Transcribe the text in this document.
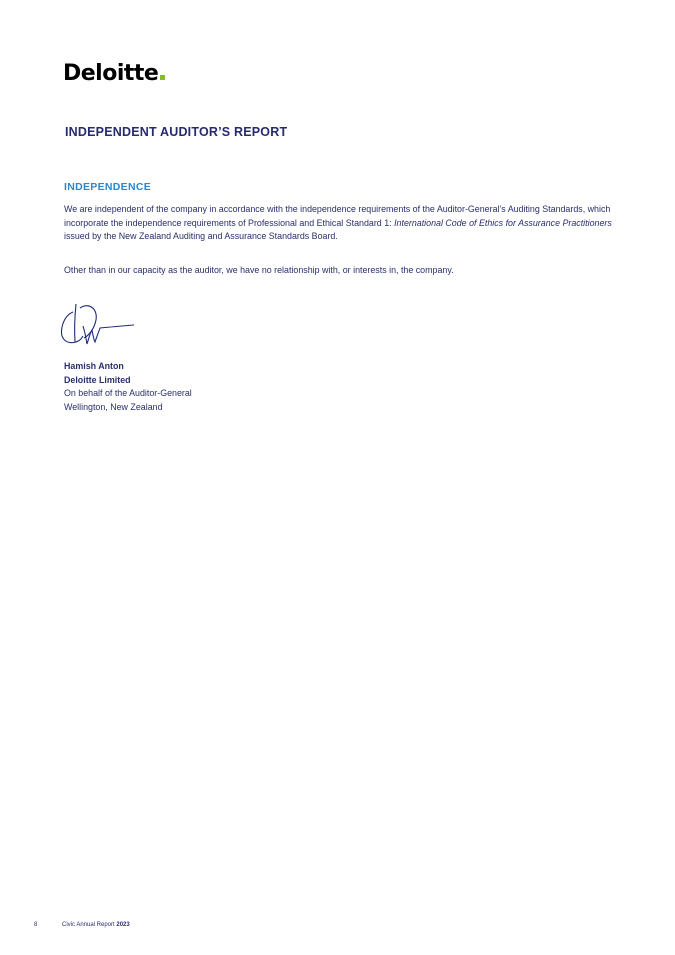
Deloitte
INDEPENDENT AUDITOR’S REPORT
INDEPENDENCE

We are independent of the company in accordance with the independence requirements of the Auditor-General’s Auditing Standards, which incorporate the independence requirements of Professional and Ethical Standard 1: International Code of Ethics for Assurance Practitioners issued by the New Zealand Auditing and Assurance Standards Board.

Other than in our capacity as the auditor, we have no relationship with, or interests in, the company.

Hamish Anton
Deloitte Limited
On behalf of the Auditor-General
Wellington, New Zealand
8	Civic Annual Report 2023
